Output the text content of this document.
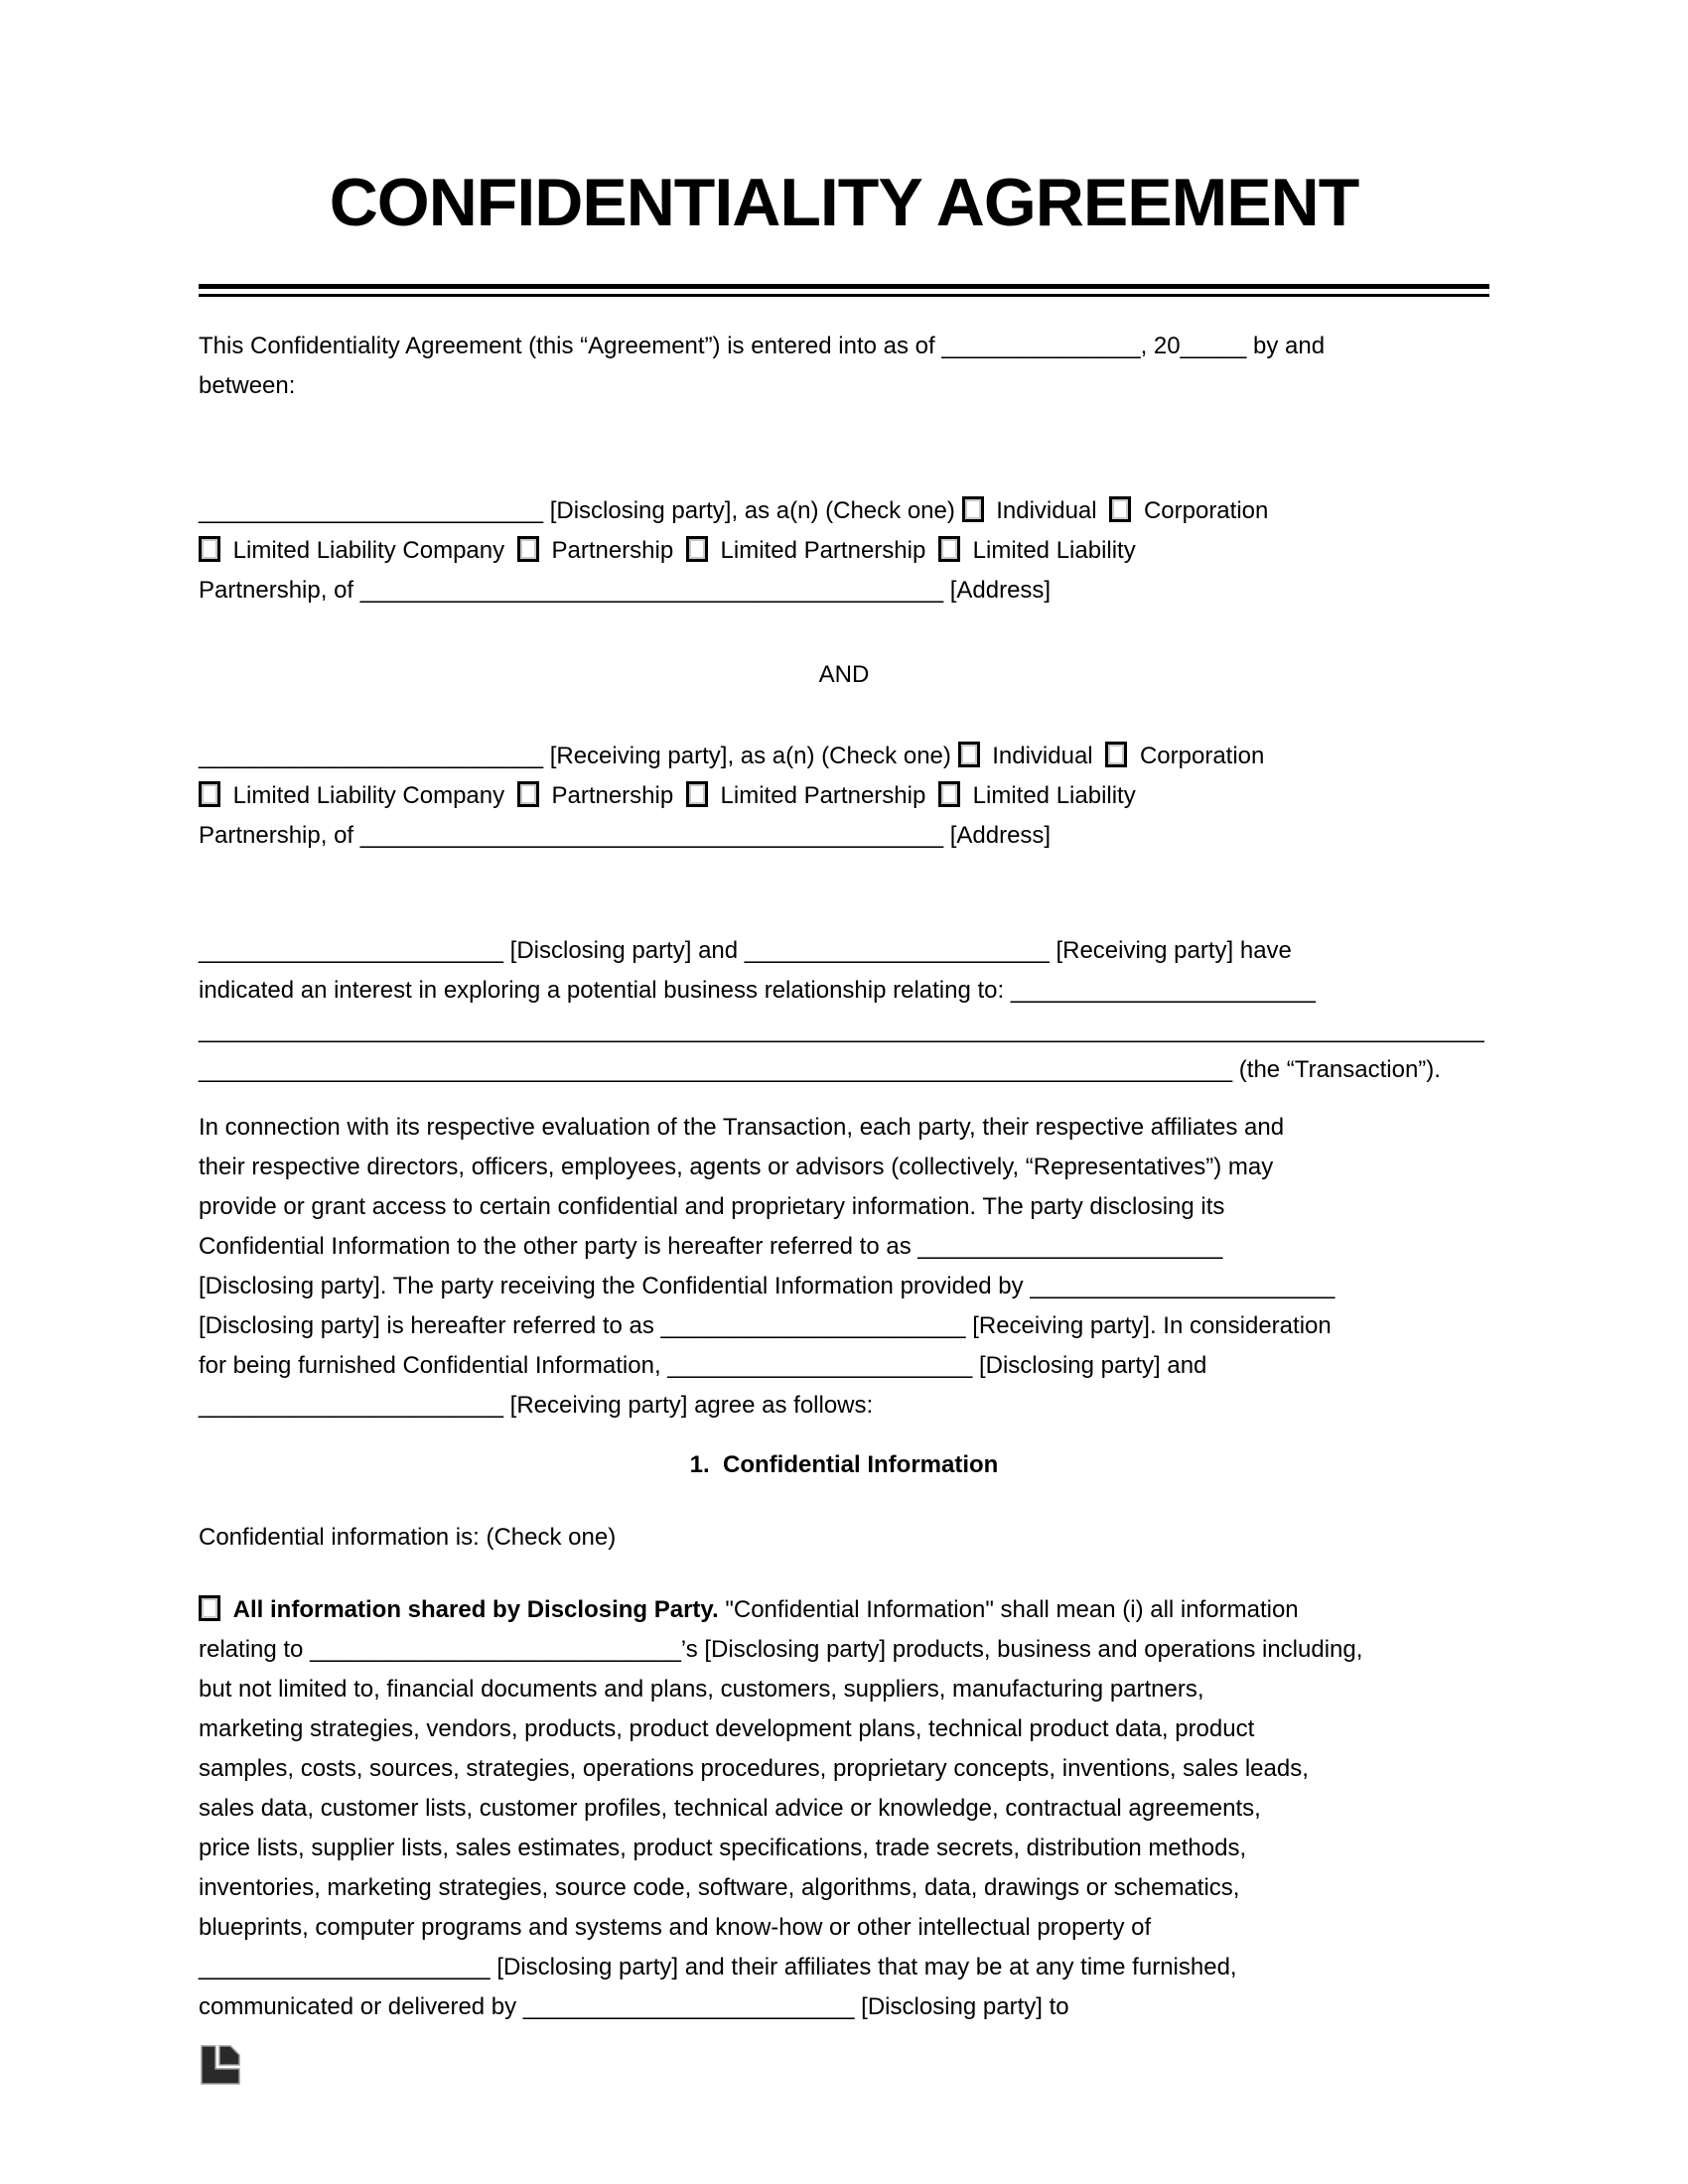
CONFIDENTIALITY AGREEMENT
This Confidentiality Agreement (this “Agreement”) is entered into as of _______________, 20_____ by and
between:
__________________________ [Disclosing party], as a(n) (Check one)  Individual  Corporation
Limited Liability Company  Partnership  Limited Partnership  Limited Liability
Partnership, of ____________________________________________ [Address]
AND
__________________________ [Receiving party], as a(n) (Check one)  Individual  Corporation
Limited Liability Company  Partnership  Limited Partnership  Limited Liability
Partnership, of ____________________________________________ [Address]
_______________________ [Disclosing party] and _______________________ [Receiving party] have
indicated an interest in exploring a potential business relationship relating to: _______________________
_________________________________________________________________________________________________
______________________________________________________________________________ (the “Transaction”).
In connection with its respective evaluation of the Transaction, each party, their respective affiliates and
their respective directors, officers, employees, agents or advisors (collectively, “Representatives”) may
provide or grant access to certain confidential and proprietary information. The party disclosing its
Confidential Information to the other party is hereafter referred to as _______________________
[Disclosing party]. The party receiving the Confidential Information provided by _______________________
[Disclosing party] is hereafter referred to as _______________________ [Receiving party]. In consideration
for being furnished Confidential Information, _______________________ [Disclosing party] and
_______________________ [Receiving party] agree as follows:
1.  Confidential Information
Confidential information is: (Check one)
All information shared by Disclosing Party. "Confidential Information" shall mean (i) all information
relating to ____________________________’s [Disclosing party] products, business and operations including,
but not limited to, financial documents and plans, customers, suppliers, manufacturing partners,
marketing strategies, vendors, products, product development plans, technical product data, product
samples, costs, sources, strategies, operations procedures, proprietary concepts, inventions, sales leads,
sales data, customer lists, customer profiles, technical advice or knowledge, contractual agreements,
price lists, supplier lists, sales estimates, product specifications, trade secrets, distribution methods,
inventories, marketing strategies, source code, software, algorithms, data, drawings or schematics,
blueprints, computer programs and systems and know-how or other intellectual property of
______________________ [Disclosing party] and their affiliates that may be at any time furnished,
communicated or delivered by _________________________ [Disclosing party] to
